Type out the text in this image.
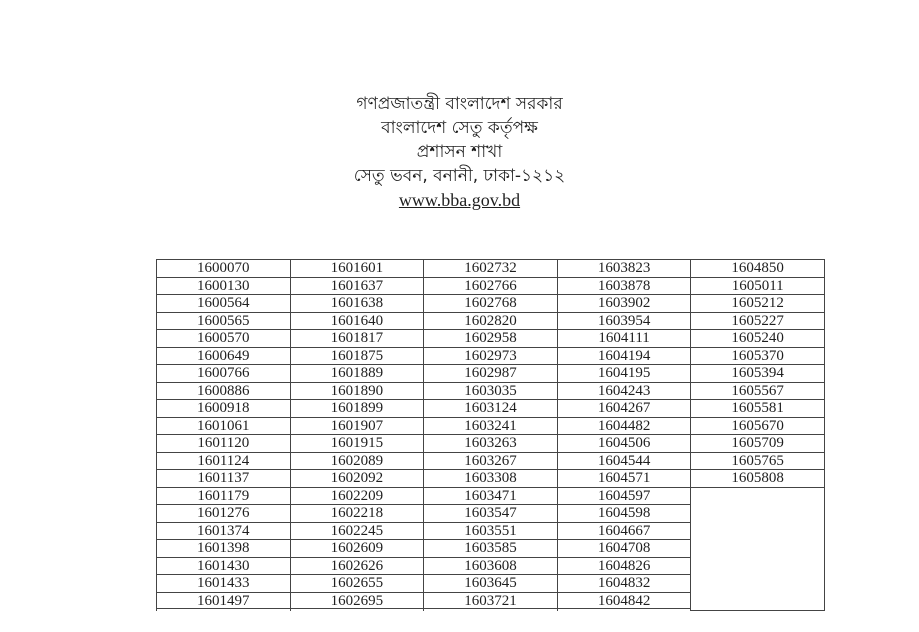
গণপ্রজাতন্ত্রী বাংলাদেশ সরকার
বাংলাদেশ সেতু কর্তৃপক্ষ
প্রশাসন শাখা
সেতু ভবন, বনানী, ঢাকা-১২১২
www.bba.gov.bd
1600070
1600130
1600564
1600565
1600570
1600649
1600766
1600886
1600918
1601061
1601120
1601124
1601137
1601179
1601276
1601374
1601398
1601430
1601433
1601497
1601601
1601637
1601638
1601640
1601817
1601875
1601889
1601890
1601899
1601907
1601915
1602089
1602092
1602209
1602218
1602245
1602609
1602626
1602655
1602695
1602732
1602766
1602768
1602820
1602958
1602973
1602987
1603035
1603124
1603241
1603263
1603267
1603308
1603471
1603547
1603551
1603585
1603608
1603645
1603721
1603823
1603878
1603902
1603954
1604111
1604194
1604195
1604243
1604267
1604482
1604506
1604544
1604571
1604597
1604598
1604667
1604708
1604826
1604832
1604842
1604850
1605011
1605212
1605227
1605240
1605370
1605394
1605567
1605581
1605670
1605709
1605765
1605808
